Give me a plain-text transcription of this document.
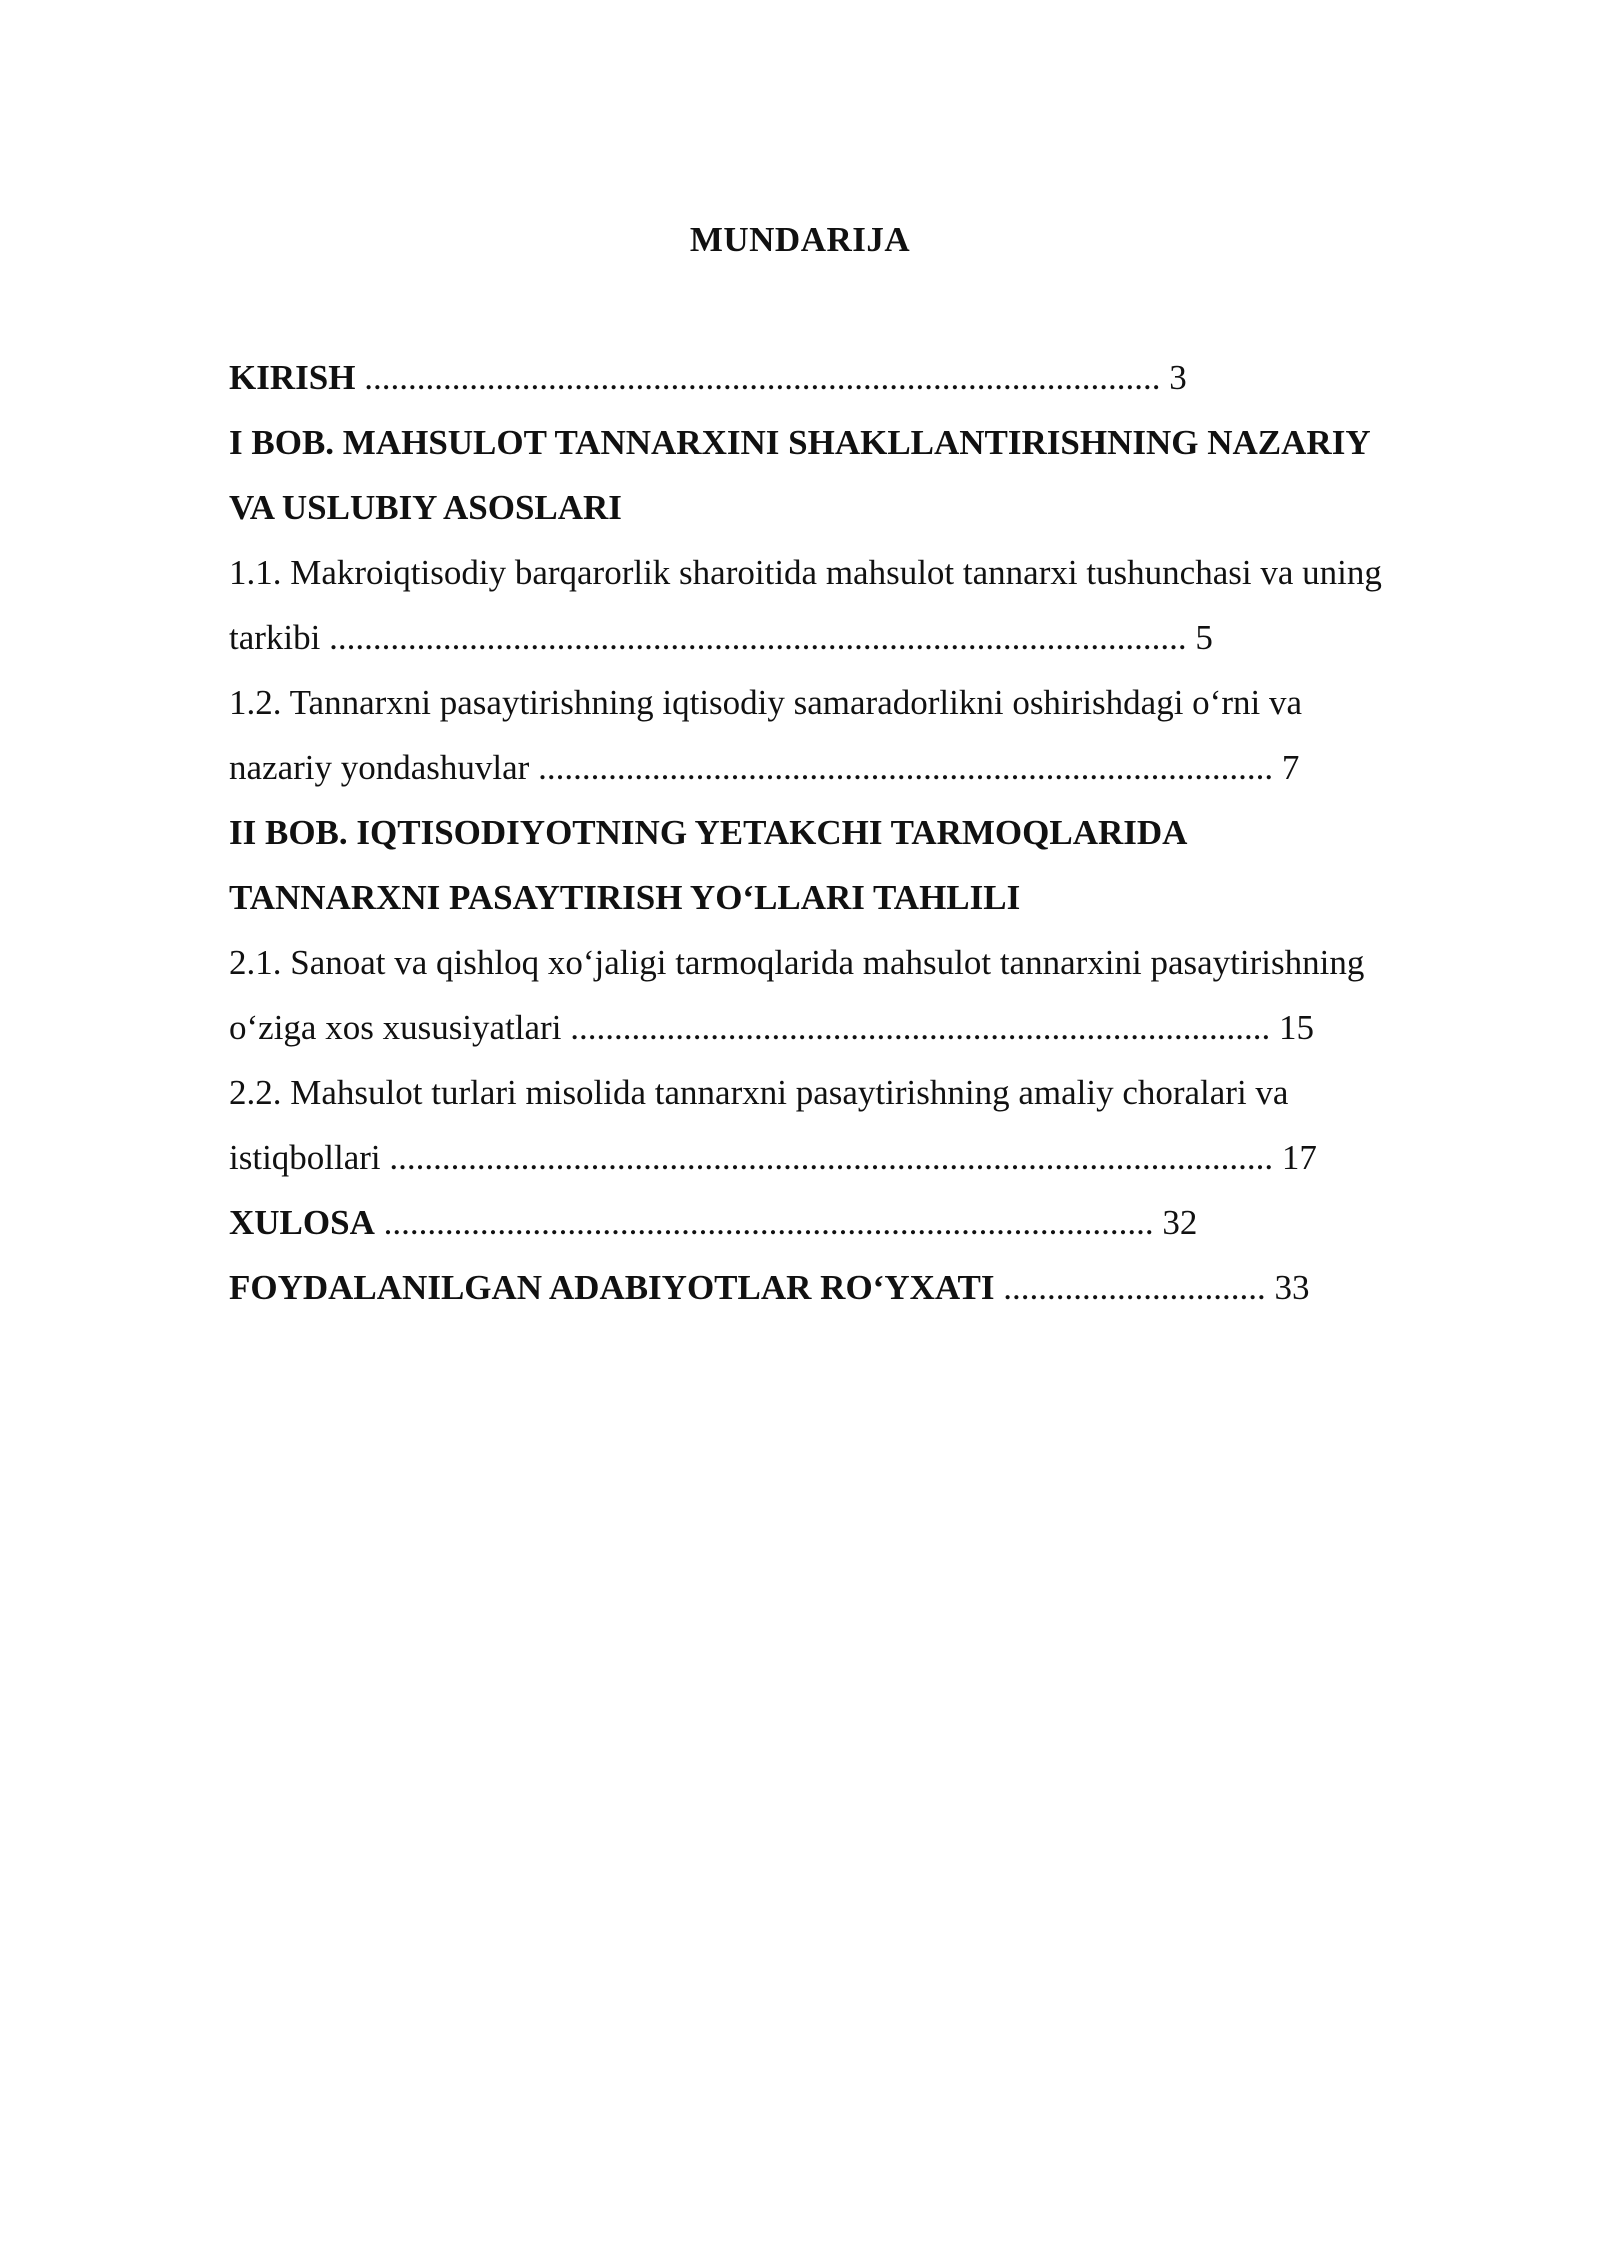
MUNDARIJA
KIRISH ........................................................................................... 3
I BOB. MAHSULOT TANNARXINI SHAKLLANTIRISHNING NAZARIY
VA USLUBIY ASOSLARI
1.1. Makroiqtisodiy barqarorlik sharoitida mahsulot tannarxi tushunchasi va uning
tarkibi .................................................................................................. 5
1.2. Tannarxni pasaytirishning iqtisodiy samaradorlikni oshirishdagi o‘rni va
nazariy yondashuvlar .................................................................................... 7
II BOB. IQTISODIYOTNING YETAKCHI TARMOQLARIDA
TANNARXNI PASAYTIRISH YO‘LLARI TAHLILI
2.1. Sanoat va qishloq xo‘jaligi tarmoqlarida mahsulot tannarxini pasaytirishning
o‘ziga xos xususiyatlari ................................................................................ 15
2.2. Mahsulot turlari misolida tannarxni pasaytirishning amaliy choralari va
istiqbollari ..................................................................................................... 17
XULOSA ........................................................................................ 32
FOYDALANILGAN ADABIYOTLAR RO‘YXATI .............................. 33
